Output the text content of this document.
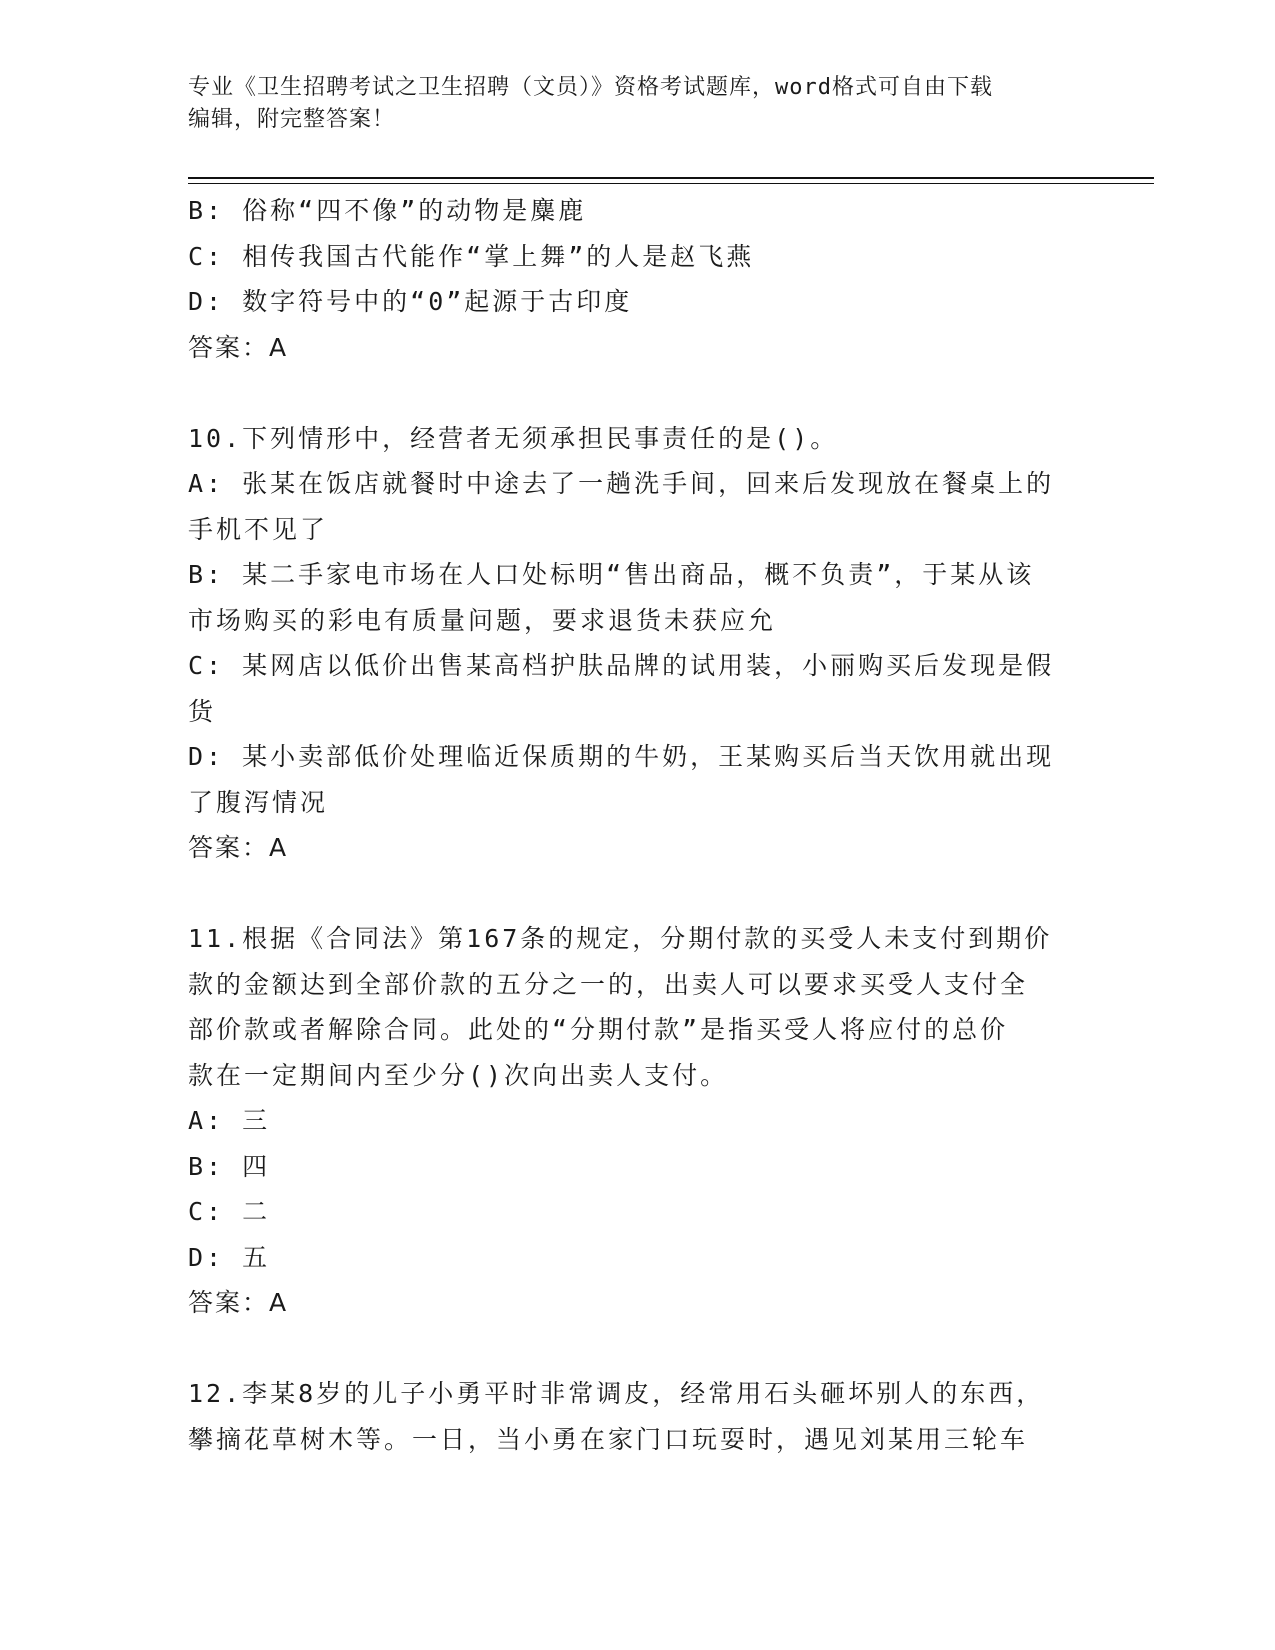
专业《卫生招聘考试之卫生招聘（文员）》资格考试题库，word格式可自由下载
编辑，附完整答案！
B: 俗称“四不像”的动物是麋鹿
C: 相传我国古代能作“掌上舞”的人是赵飞燕
D: 数字符号中的“0”起源于古印度
答案：A
10.下列情形中，经营者无须承担民事责任的是()。
A: 张某在饭店就餐时中途去了一趟洗手间，回来后发现放在餐桌上的
手机不见了
B: 某二手家电市场在人口处标明“售出商品，概不负责”，于某从该
市场购买的彩电有质量问题，要求退货未获应允
C: 某网店以低价出售某高档护肤品牌的试用装，小丽购买后发现是假
货
D: 某小卖部低价处理临近保质期的牛奶，王某购买后当天饮用就出现
了腹泻情况
答案：A
11.根据《合同法》第167条的规定，分期付款的买受人未支付到期价
款的金额达到全部价款的五分之一的，出卖人可以要求买受人支付全
部价款或者解除合同。此处的“分期付款”是指买受人将应付的总价
款在一定期间内至少分()次向出卖人支付。
A: 三
B: 四
C: 二
D: 五
答案：A
12.李某8岁的儿子小勇平时非常调皮，经常用石头砸坏别人的东西，
攀摘花草树木等。一日，当小勇在家门口玩耍时，遇见刘某用三轮车
